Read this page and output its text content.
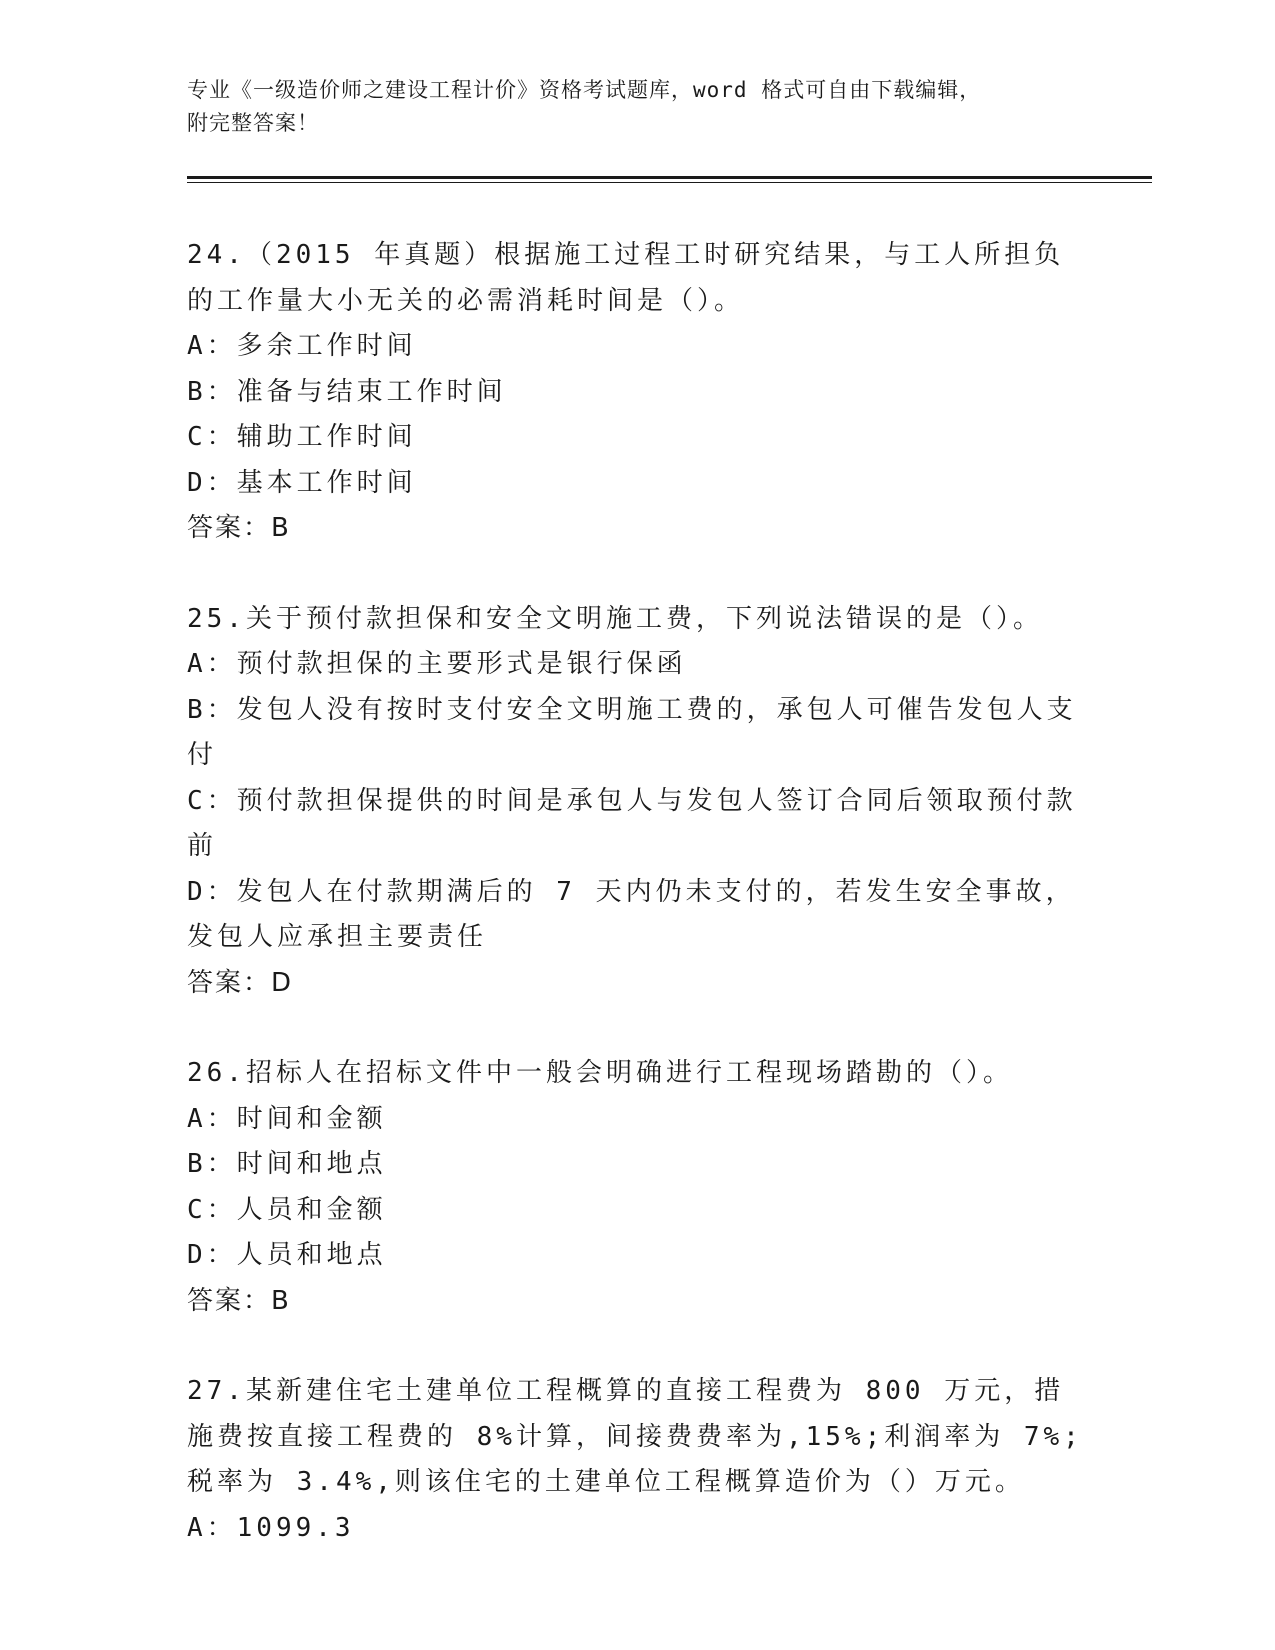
专业《一级造价师之建设工程计价》资格考试题库，word 格式可自由下载编辑，
附完整答案！
24.（2015 年真题）根据施工过程工时研究结果，与工人所担负的工作量大小无关的必需消耗时间是（）。
A：多余工作时间
B：准备与结束工作时间
C：辅助工作时间
D：基本工作时间
答案：B
25.关于预付款担保和安全文明施工费，下列说法错误的是（）。
A：预付款担保的主要形式是银行保函
B：发包人没有按时支付安全文明施工费的，承包人可催告发包人支付
C：预付款担保提供的时间是承包人与发包人签订合同后领取预付款前
D：发包人在付款期满后的 7 天内仍未支付的，若发生安全事故，发包人应承担主要责任
答案：D
26.招标人在招标文件中一般会明确进行工程现场踏勘的（）。
A：时间和金额
B：时间和地点
C：人员和金额
D：人员和地点
答案：B
27.某新建住宅土建单位工程概算的直接工程费为 800 万元，措施费按直接工程费的 8%计算，间接费费率为,15%;利润率为 7%;税率为 3.4%,则该住宅的土建单位工程概算造价为（）万元。
A：1099.3
